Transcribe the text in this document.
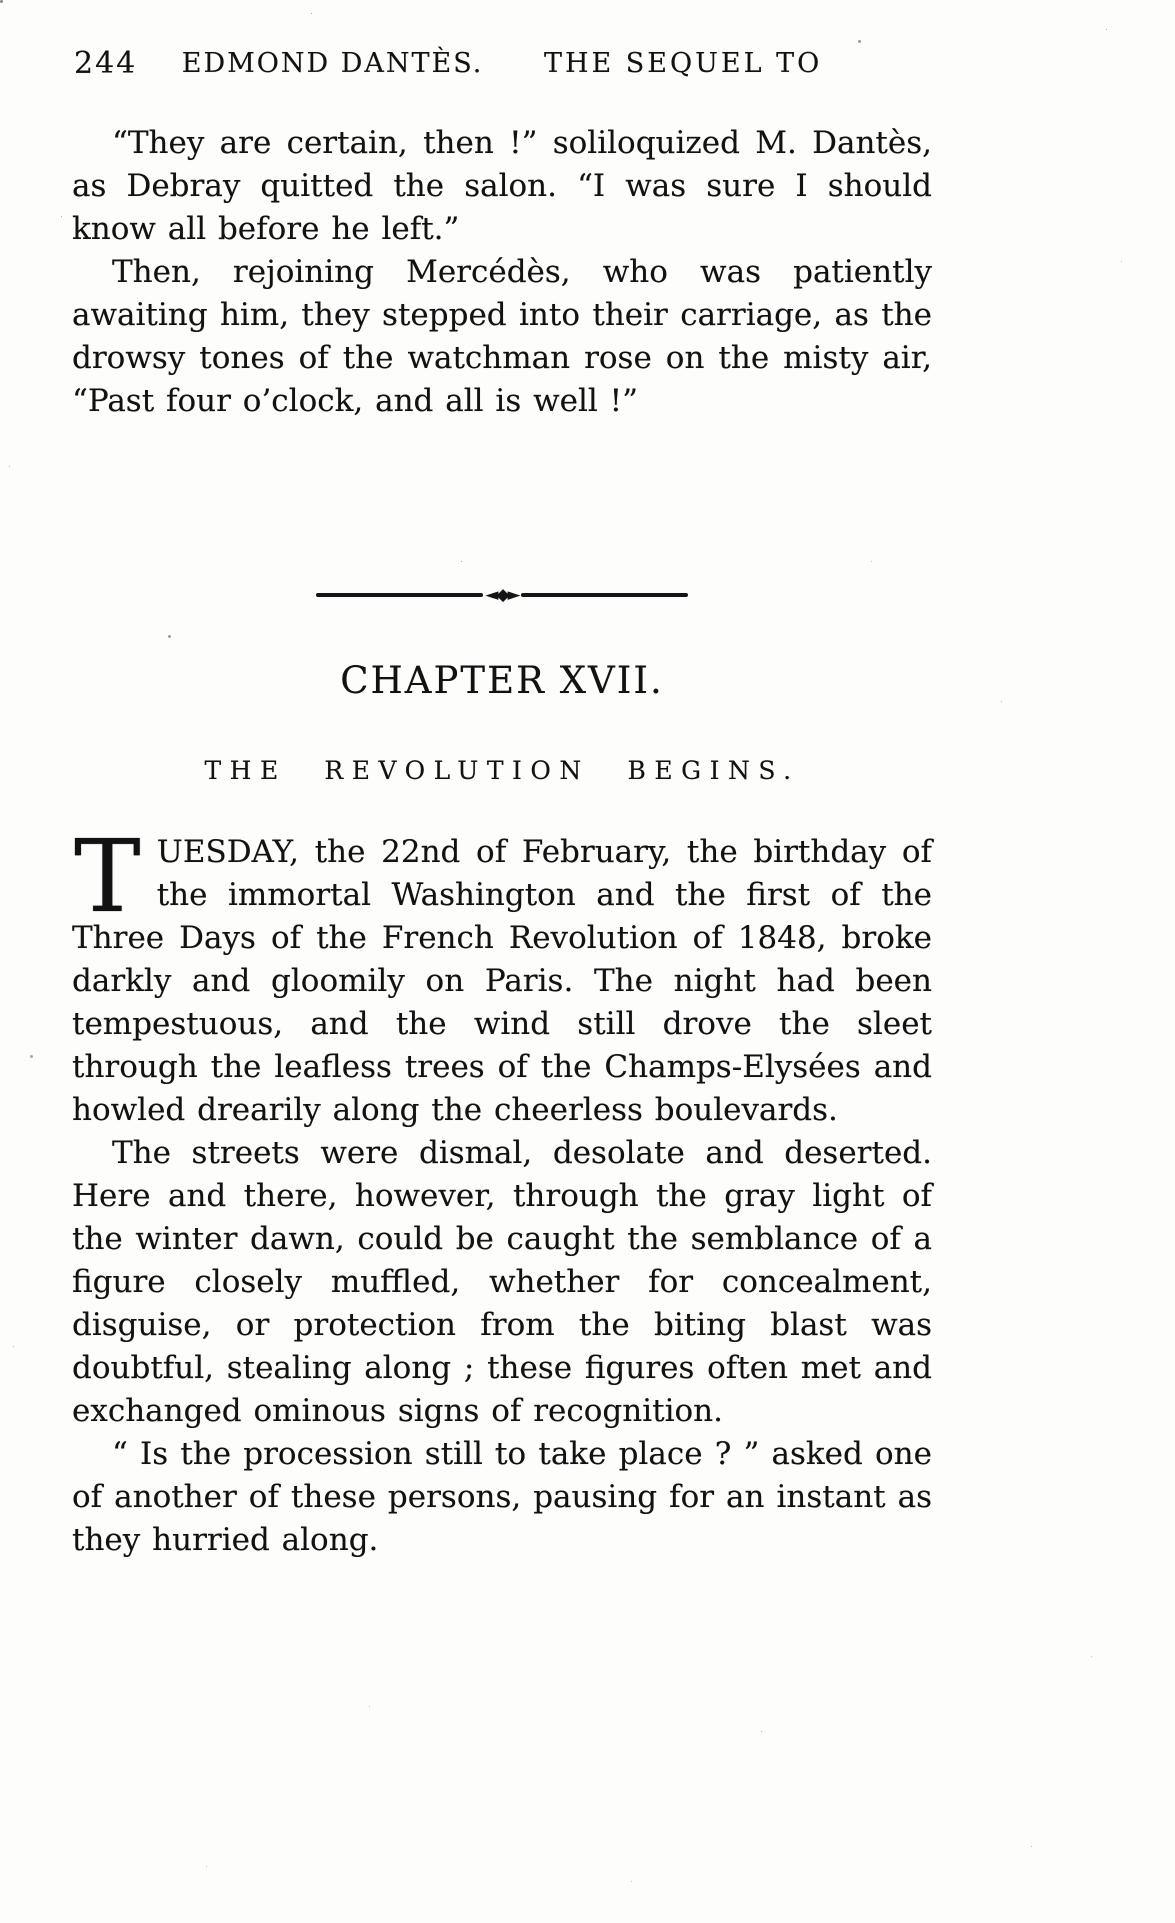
244	EDMOND DANTÈS. THE SEQUEL TO

“They are certain, then !” soliloquized M. Dantès, as Debray quitted the salon. “I was sure I should know all before he left.”

Then, rejoining Mercédès, who was patiently awaiting him, they stepped into their carriage, as the drowsy tones of the watchman rose on the misty air, “Past four o’clock, and all is well !”

◄◆►
CHAPTER XVII.
THE REVOLUTION BEGINS.

TUESDAY, the 22nd of February, the birthday of the immortal Washington and the first of the Three Days of the French Revolution of 1848, broke darkly and gloomily on Paris. The night had been tempestuous, and the wind still drove the sleet through the leafless trees of the Champs-Elysées and howled drearily along the cheerless boulevards.

The streets were dismal, desolate and deserted. Here and there, however, through the gray light of the winter dawn, could be caught the semblance of a figure closely muffled, whether for concealment, disguise, or protection from the biting blast was doubtful, stealing along ; these figures often met and exchanged ominous signs of recognition.

“ Is the procession still to take place ? ” asked one of another of these persons, pausing for an instant as they hurried along.
